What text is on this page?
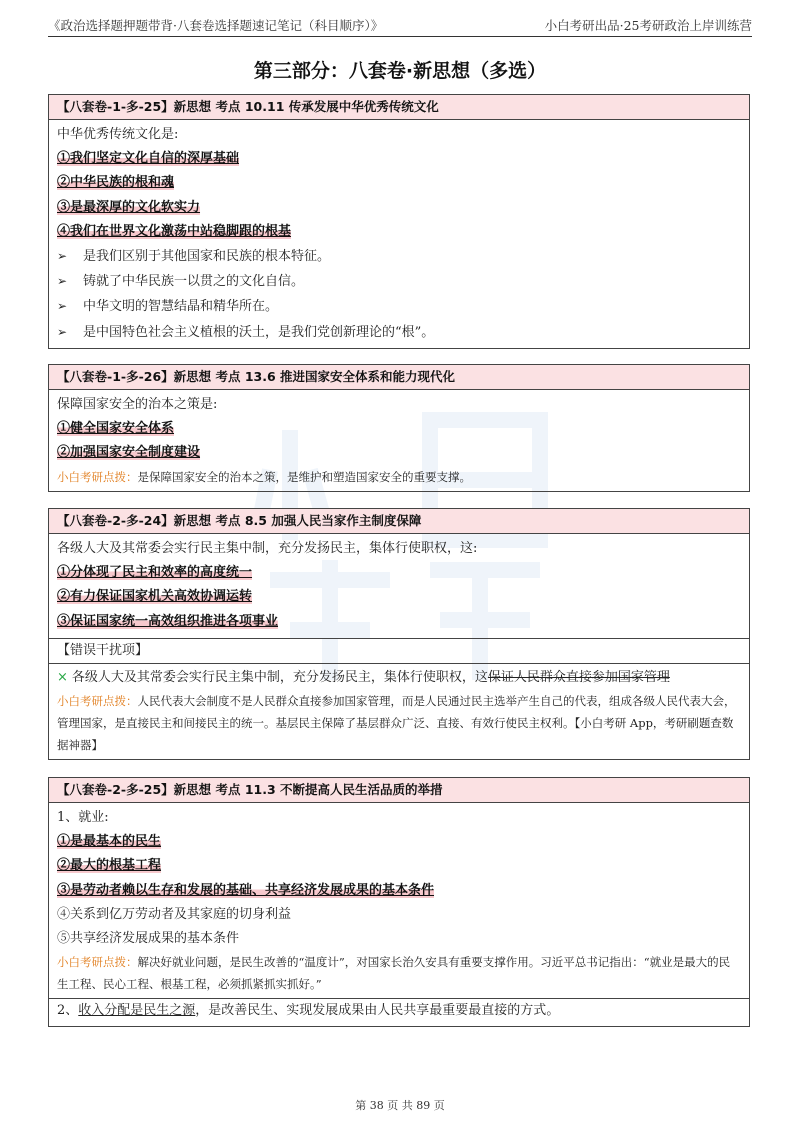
《政治选择题押题带背·八套卷选择题速记笔记（科目顺序）》	小白考研出品·25考研政治上岸训练营
第三部分：八套卷·新思想（多选）
【八套卷-1-多-25】新思想 考点 10.11 传承发展中华优秀传统文化
中华优秀传统文化是:
①我们坚定文化自信的深厚基础
②中华民族的根和魂
③是最深厚的文化软实力
④我们在世界文化激荡中站稳脚跟的根基
➢ 是我们区别于其他国家和民族的根本特征。
➢ 铸就了中华民族一以贯之的文化自信。
➢ 中华文明的智慧结晶和精华所在。
➢ 是中国特色社会主义植根的沃土，是我们党创新理论的“根”。
【八套卷-1-多-26】新思想 考点 13.6 推进国家安全体系和能力现代化
保障国家安全的治本之策是:
①健全国家安全体系
②加强国家安全制度建设
小白考研点拨：是保障国家安全的治本之策，是维护和塑造国家安全的重要支撑。
【八套卷-2-多-24】新思想 考点 8.5 加强人民当家作主制度保障
各级人大及其常委会实行民主集中制，充分发扬民主，集体行使职权，这:
①分体现了民主和效率的高度统一
②有力保证国家机关高效协调运转
③保证国家统一高效组织推进各项事业
【错误干扰项】
× 各级人大及其常委会实行民主集中制，充分发扬民主，集体行使职权，这保证人民群众直接参加国家管理
小白考研点拨：人民代表大会制度不是人民群众直接参加国家管理，而是人民通过民主选举产生自己的代表，组成各级人民代表大会，管理国家，是直接民主和间接民主的统一。基层民主保障了基层群众广泛、直接、有效行使民主权利。【小白考研 App，考研刷题查数据神器】
【八套卷-2-多-25】新思想 考点 11.3 不断提高人民生活品质的举措
1、就业:
①是最基本的民生
②最大的根基工程
③是劳动者赖以生存和发展的基础、共享经济发展成果的基本条件
④关系到亿万劳动者及其家庭的切身利益
⑤共享经济发展成果的基本条件
小白考研点拨：解决好就业问题，是民生改善的“温度计”，对国家长治久安具有重要支撑作用。习近平总书记指出：“就业是最大的民生工程、民心工程、根基工程，必须抓紧抓实抓好。”
2、收入分配是民生之源，是改善民生、实现发展成果由人民共享最重要最直接的方式。
第 38 页 共 89 页
